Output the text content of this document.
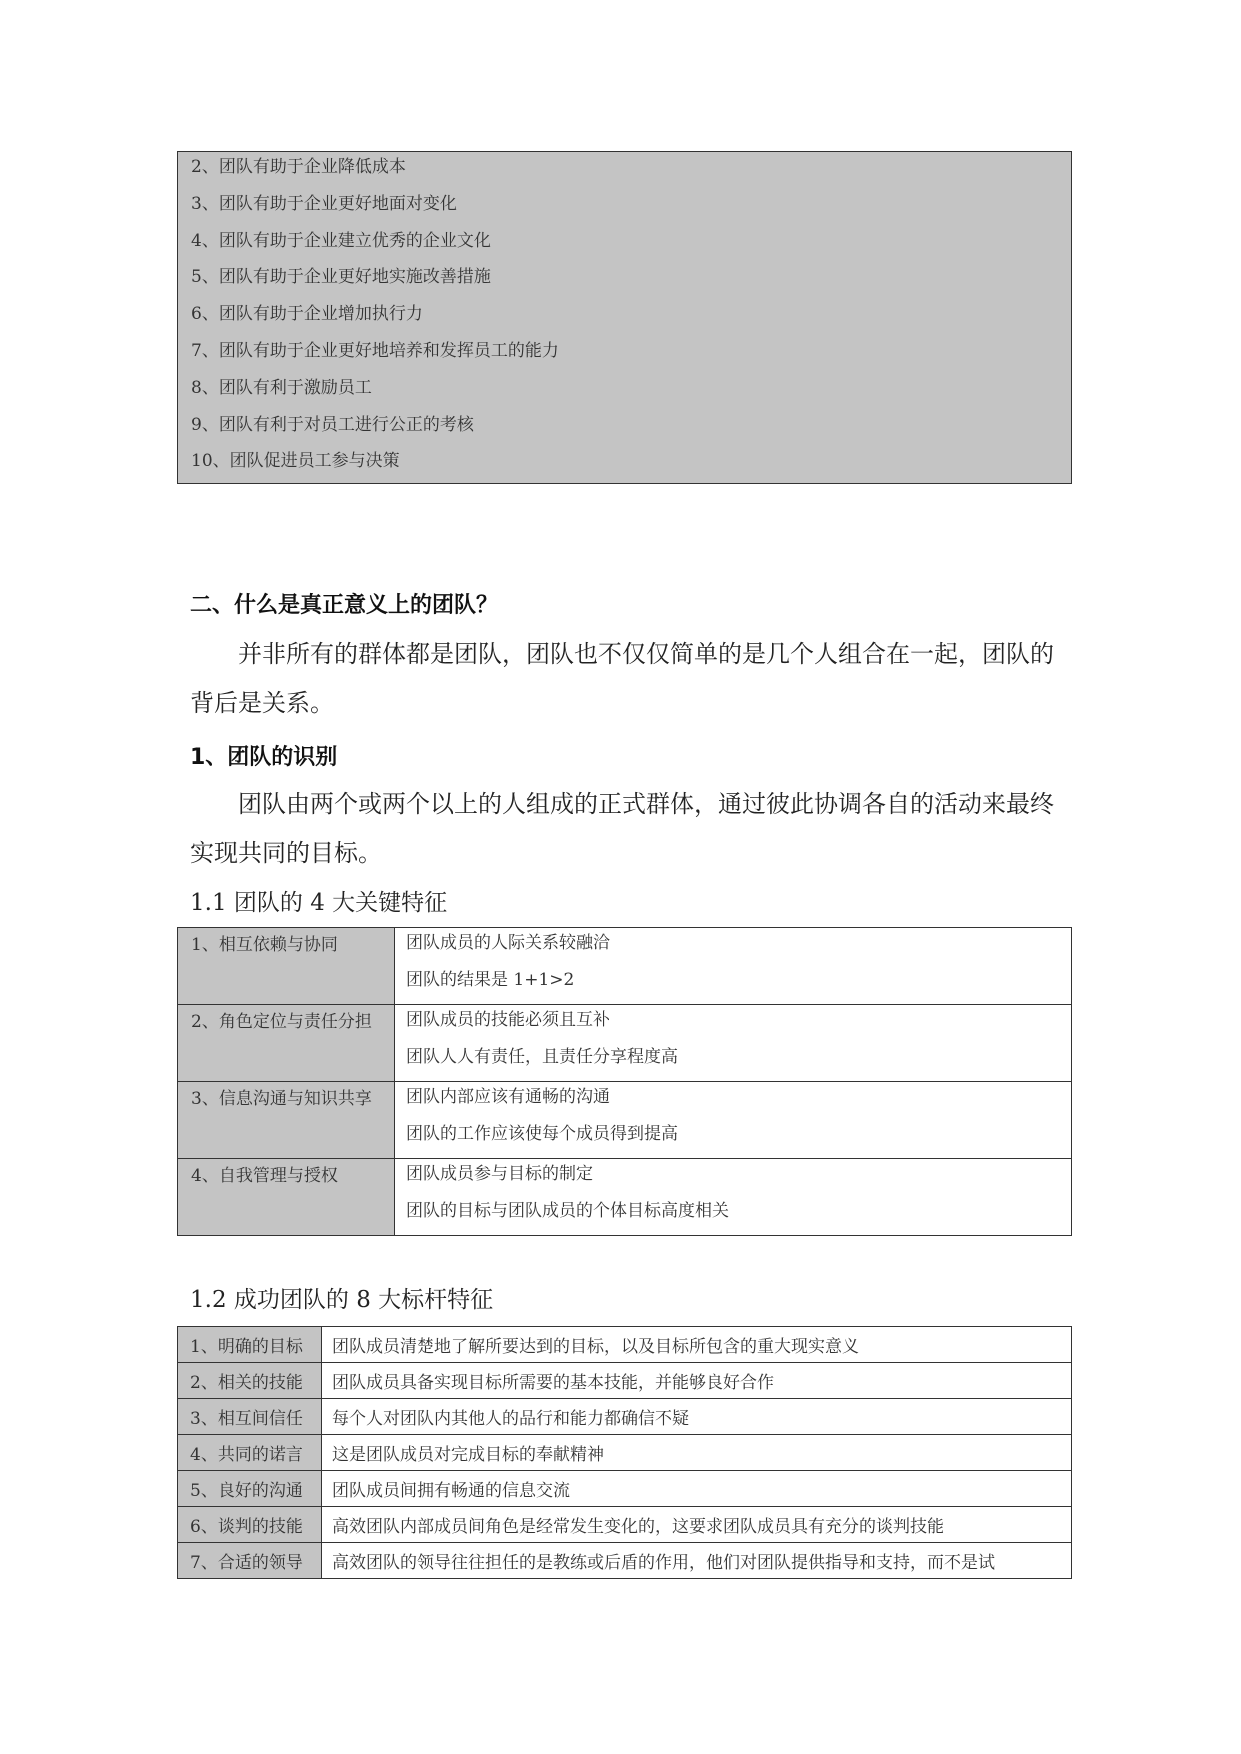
2、团队有助于企业降低成本
3、团队有助于企业更好地面对变化
4、团队有助于企业建立优秀的企业文化
5、团队有助于企业更好地实施改善措施
6、团队有助于企业增加执行力
7、团队有助于企业更好地培养和发挥员工的能力
8、团队有利于激励员工
9、团队有利于对员工进行公正的考核
10、团队促进员工参与决策
二、什么是真正意义上的团队？
并非所有的群体都是团队，团队也不仅仅简单的是几个人组合在一起，团队的背后是关系。
1、团队的识别
团队由两个或两个以上的人组成的正式群体，通过彼此协调各自的活动来最终实现共同的目标。
1.1 团队的 4 大关键特征
1、相互依赖与协同	团队成员的人际关系较融洽
团队的结果是 1+1>2

2、角色定位与责任分担	团队成员的技能必须且互补
团队人人有责任，且责任分享程度高

3、信息沟通与知识共享	团队内部应该有通畅的沟通
团队的工作应该使每个成员得到提高

4、自我管理与授权	团队成员参与目标的制定
团队的目标与团队成员的个体目标高度相关
1.2 成功团队的 8 大标杆特征
1、明确的目标	团队成员清楚地了解所要达到的目标，以及目标所包含的重大现实意义
2、相关的技能	团队成员具备实现目标所需要的基本技能，并能够良好合作
3、相互间信任	每个人对团队内其他人的品行和能力都确信不疑
4、共同的诺言	这是团队成员对完成目标的奉献精神
5、良好的沟通	团队成员间拥有畅通的信息交流
6、谈判的技能	高效团队内部成员间角色是经常发生变化的，这要求团队成员具有充分的谈判技能
7、合适的领导	高效团队的领导往往担任的是教练或后盾的作用，他们对团队提供指导和支持，而不是试
